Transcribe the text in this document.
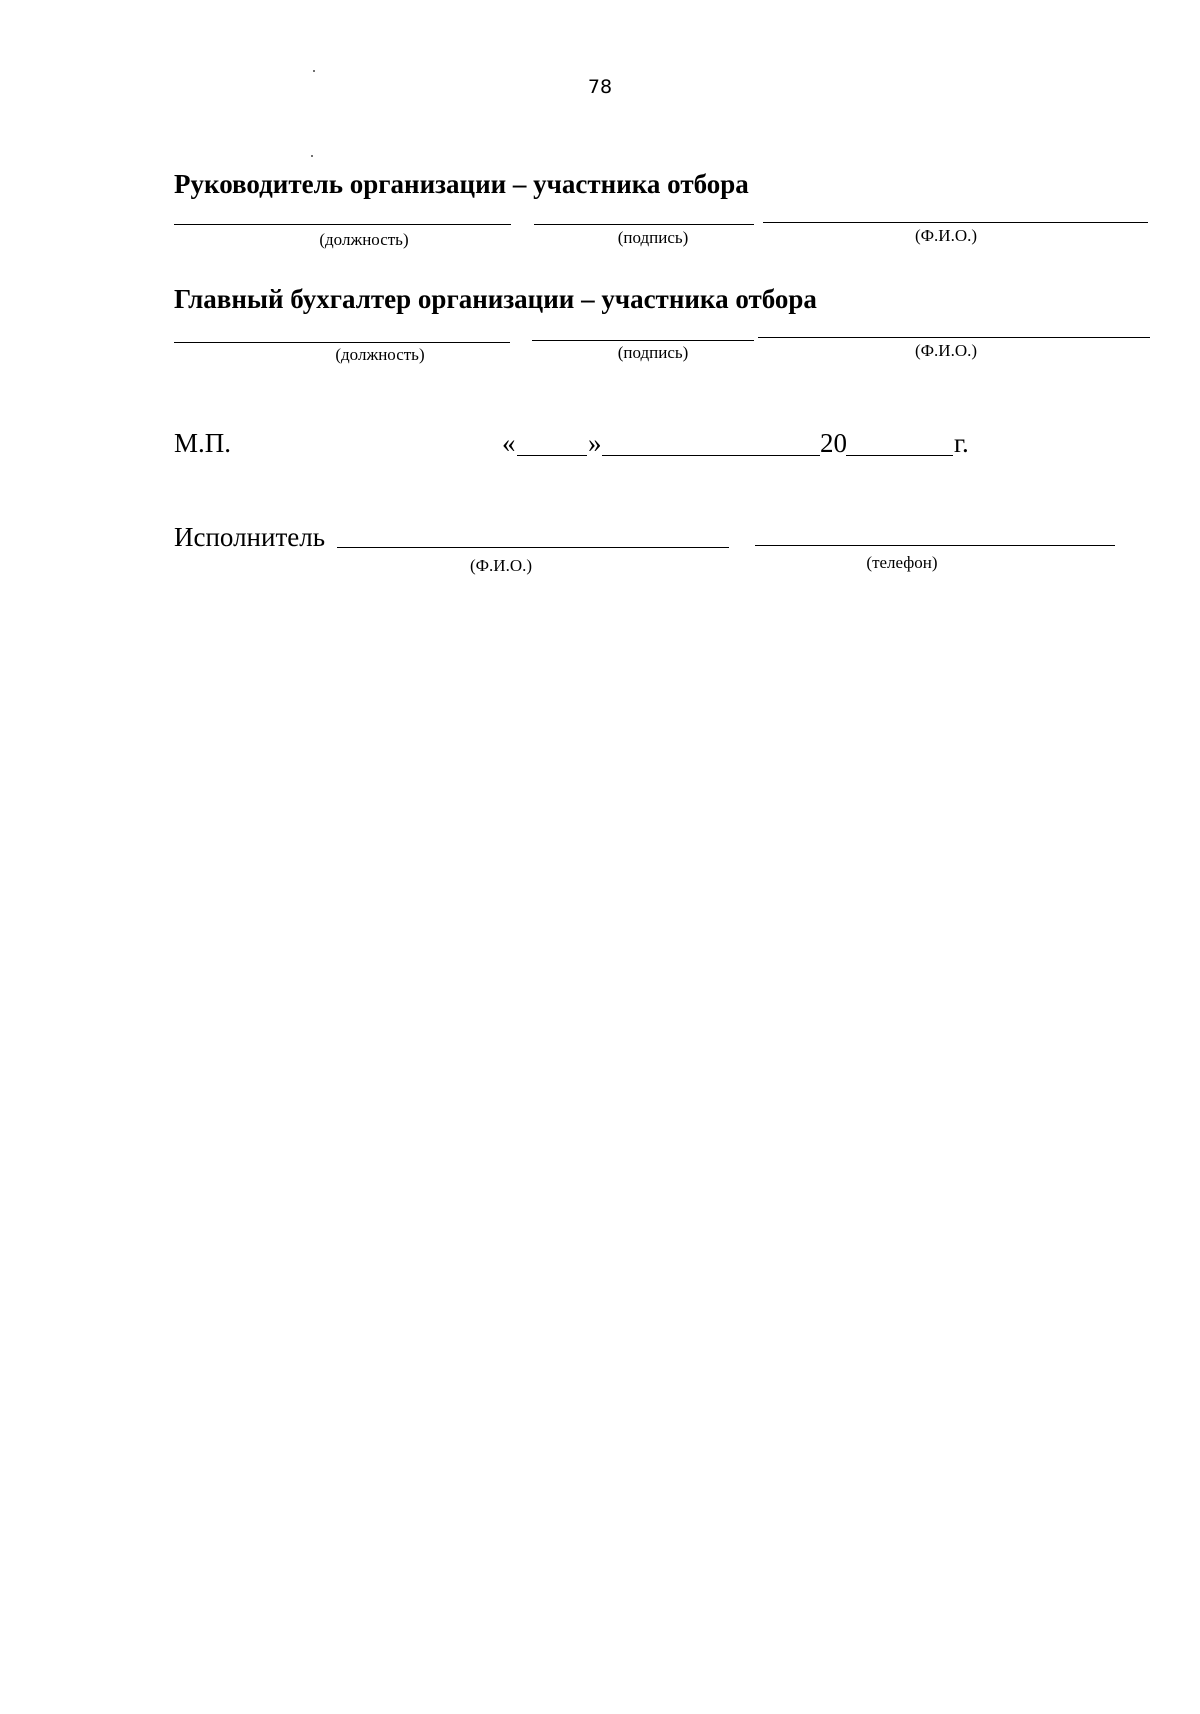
78
Руководитель организации – участника отбора
(должность)	(подпись)	(Ф.И.О.)
Главный бухгалтер организации – участника отбора
(должность)	(подпись)	(Ф.И.О.)
М.П.	«	»	20	г.
Исполнитель
(Ф.И.О.)	(телефон)
